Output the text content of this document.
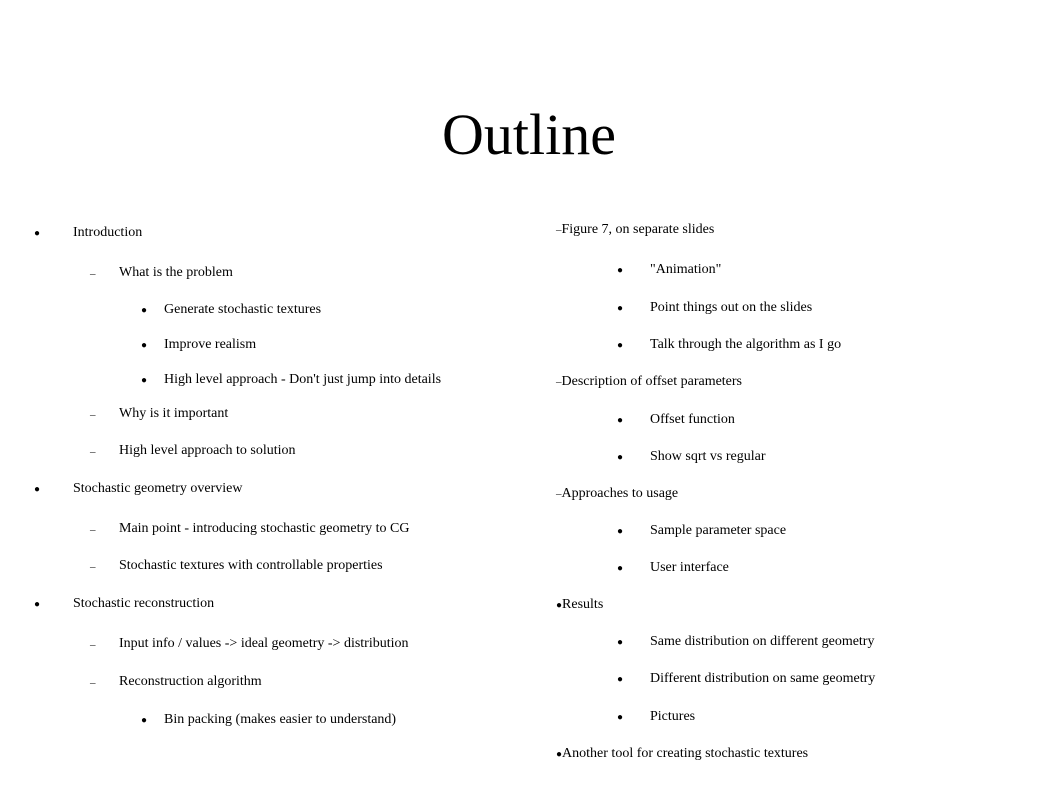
Outline
● Introduction
– What is the problem
● Generate stochastic textures
● Improve realism
● High level approach - Don't just jump into details
– Why is it important
– High level approach to solution
● Stochastic geometry overview
– Main point - introducing stochastic geometry to CG
– Stochastic textures with controllable properties
● Stochastic reconstruction
– Input info / values -> ideal geometry -> distribution
– Reconstruction algorithm
● Bin packing (makes easier to understand)
–Figure 7, on separate slides
● "Animation"
● Point things out on the slides
● Talk through the algorithm as I go
–Description of offset parameters
● Offset function
● Show sqrt vs regular
–Approaches to usage
● Sample parameter space
● User interface
●Results
● Same distribution on different geometry
● Different distribution on same geometry
● Pictures
●Another tool for creating stochastic textures
